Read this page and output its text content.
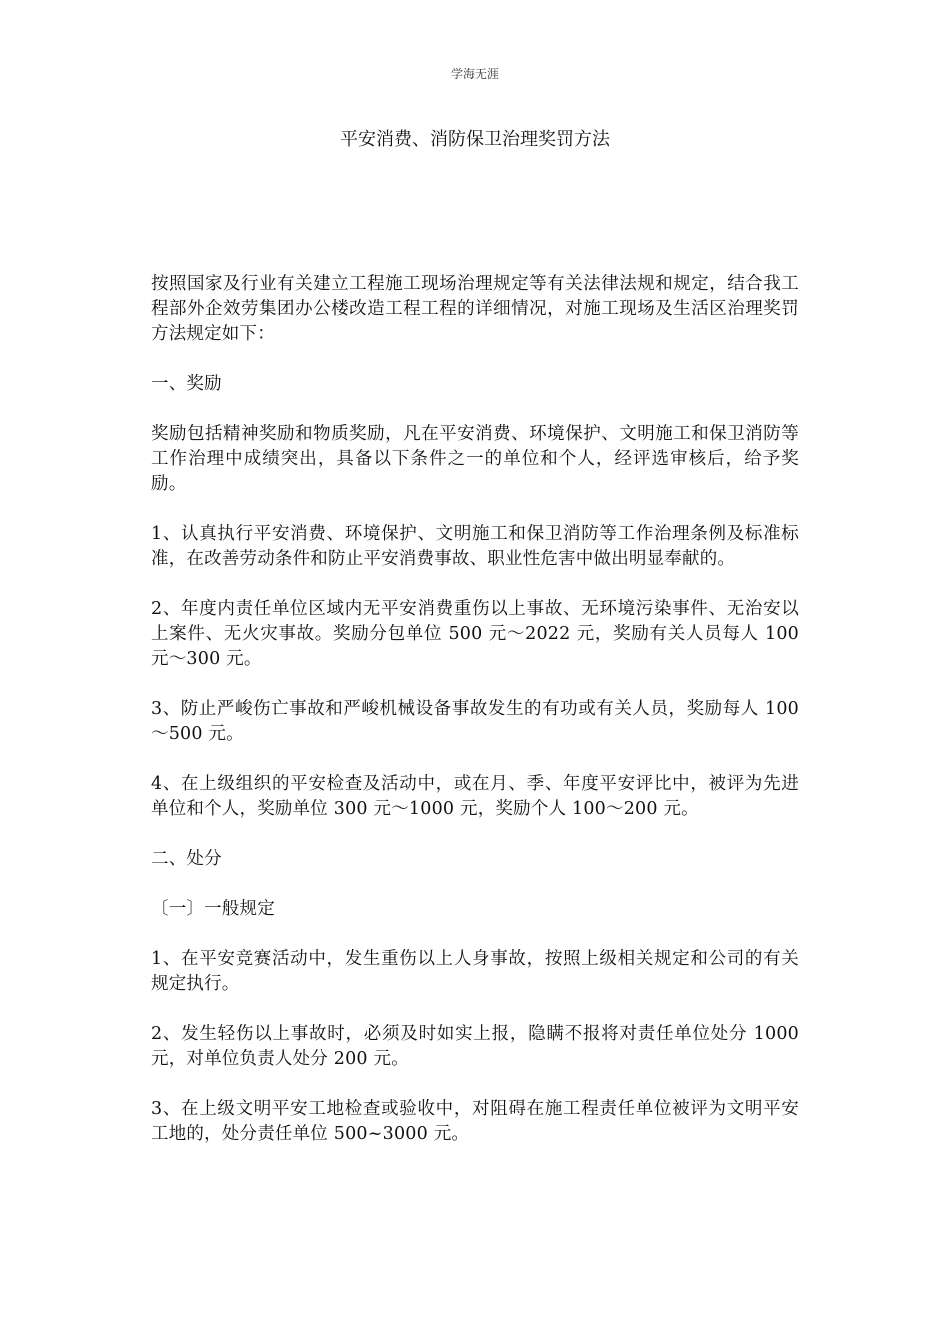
学海无涯
平安消费、消防保卫治理奖罚方法

按照国家及行业有关建立工程施工现场治理规定等有关法律法规和规定，结合我工程部外企效劳集团办公楼改造工程工程的详细情况，对施工现场及生活区治理奖罚方法规定如下：

一、奖励

奖励包括精神奖励和物质奖励，凡在平安消费、环境保护、文明施工和保卫消防等工作治理中成绩突出，具备以下条件之一的单位和个人，经评选审核后，给予奖励。

1、认真执行平安消费、环境保护、文明施工和保卫消防等工作治理条例及标准标准，在改善劳动条件和防止平安消费事故、职业性危害中做出明显奉献的。

2、年度内责任单位区域内无平安消费重伤以上事故、无环境污染事件、无治安以上案件、无火灾事故。奖励分包单位 500 元～2022 元，奖励有关人员每人 100 元～300 元。

3、防止严峻伤亡事故和严峻机械设备事故发生的有功或有关人员，奖励每人 100～500 元。

4、在上级组织的平安检查及活动中，或在月、季、年度平安评比中，被评为先进单位和个人，奖励单位 300 元～1000 元，奖励个人 100～200 元。

二、处分

〔一〕一般规定

1、在平安竞赛活动中，发生重伤以上人身事故，按照上级相关规定和公司的有关规定执行。

2、发生轻伤以上事故时，必须及时如实上报，隐瞒不报将对责任单位处分 1000 元，对单位负责人处分 200 元。

3、在上级文明平安工地检查或验收中，对阻碍在施工程责任单位被评为文明平安工地的，处分责任单位 500~3000 元。
